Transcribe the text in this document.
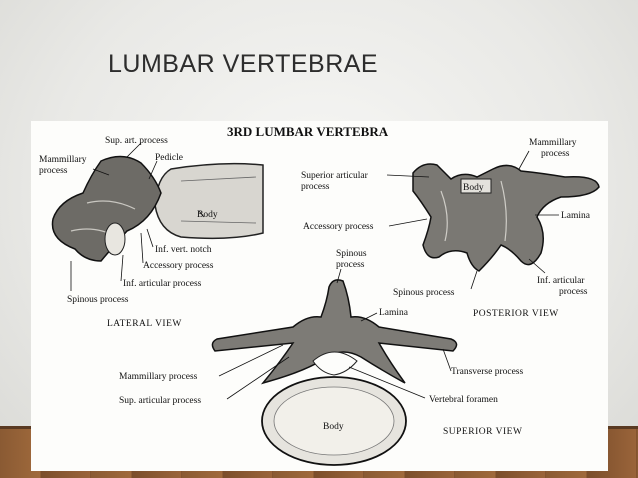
LUMBAR VERTEBRAE
3RD LUMBAR VERTEBRA
Sup. art. process
Mammillary
process
Pedicle
Body
Inf. vert. notch
Accessory process
Inf. articular process
Spinous process
LATERAL VIEW
Mammillary
process
Superior articular
process	Body
Lamina
Accessory process
Inf. articular
process
Spinous process
POSTERIOR VIEW
Spinous
process
Lamina
Mammillary process	Transverse process
Sup. articular process	Vertebral foramen
Body	SUPERIOR VIEW
